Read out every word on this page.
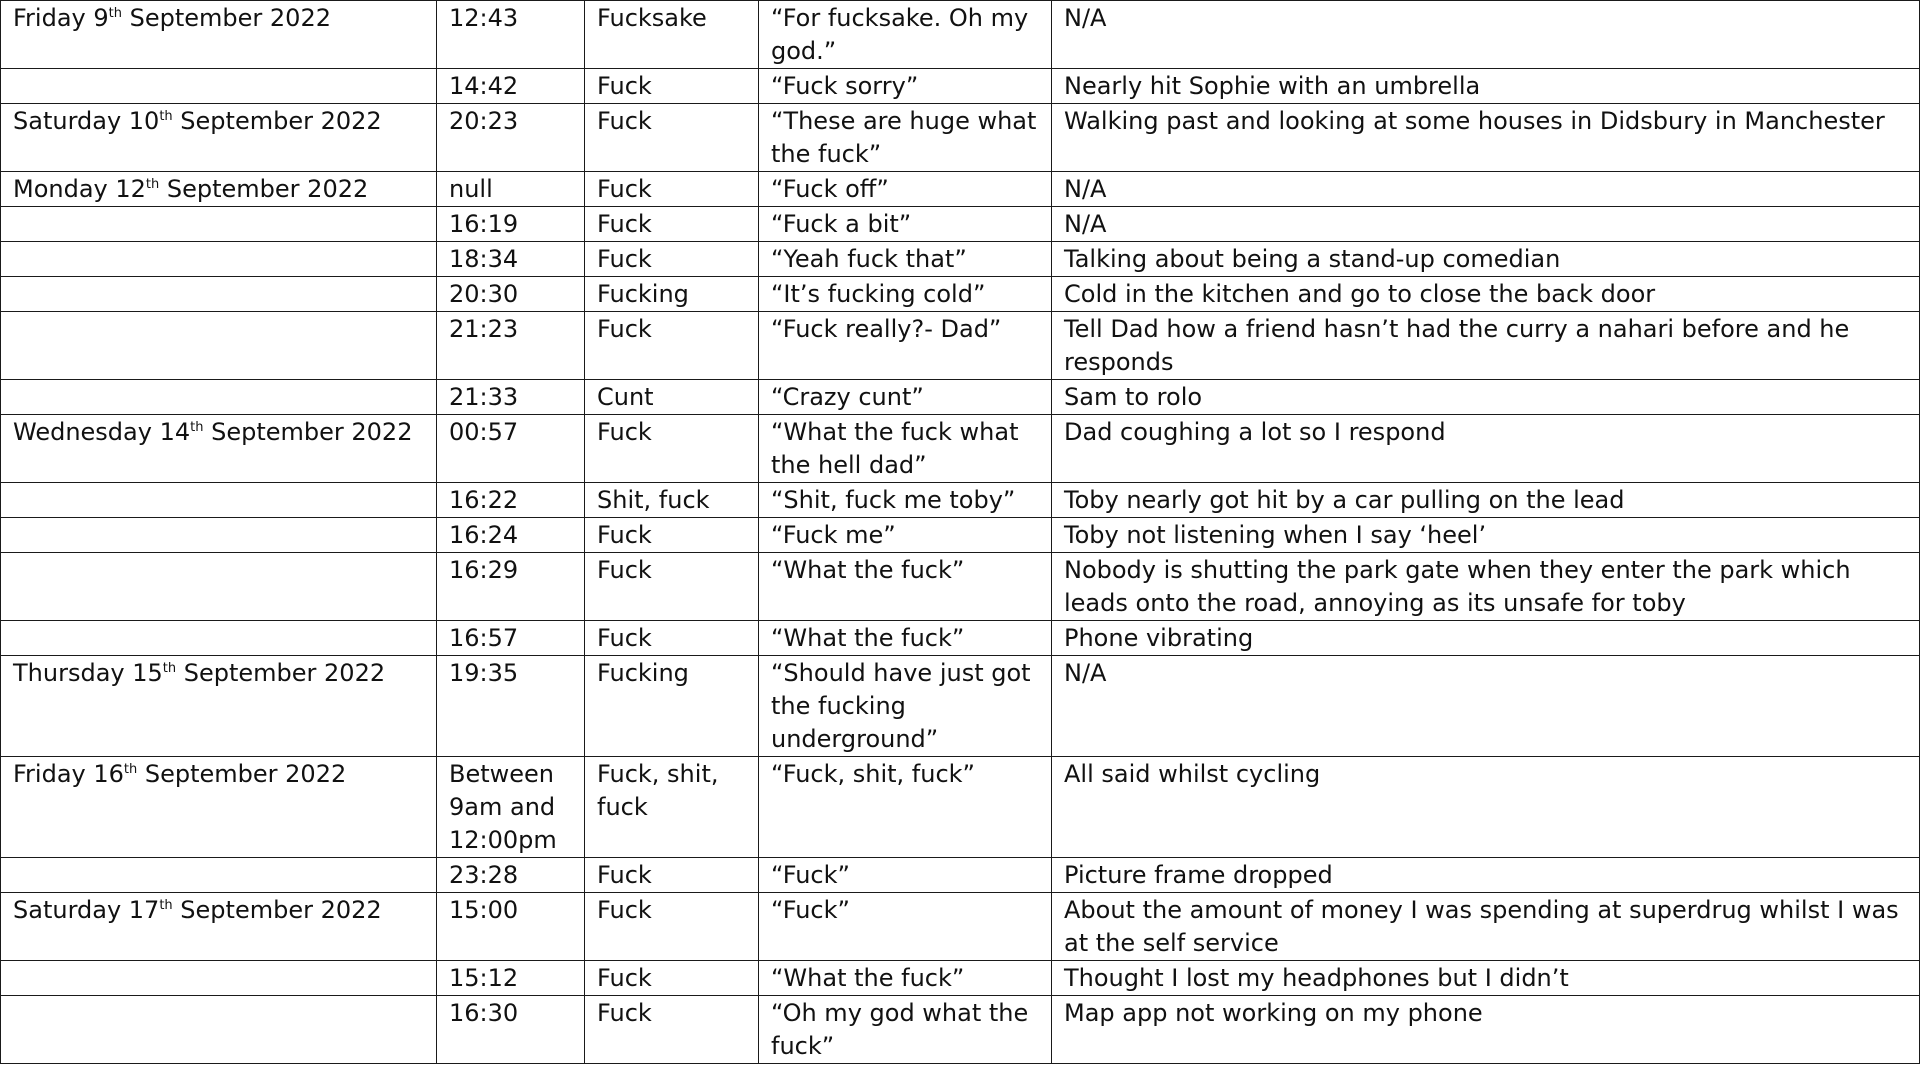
Friday 9th September 2022	12:43	Fucksake	“For fucksake. Oh my god.”	N/A
	14:42	Fuck	“Fuck sorry”	Nearly hit Sophie with an umbrella
Saturday 10th September 2022	20:23	Fuck	“These are huge what the fuck”	Walking past and looking at some houses in Didsbury in Manchester
Monday 12th September 2022	null	Fuck	“Fuck off”	N/A
	16:19	Fuck	“Fuck a bit”	N/A
	18:34	Fuck	“Yeah fuck that”	Talking about being a stand-up comedian
	20:30	Fucking	“It’s fucking cold”	Cold in the kitchen and go to close the back door
	21:23	Fuck	“Fuck really?- Dad”	Tell Dad how a friend hasn’t had the curry a nahari before and he responds
	21:33	Cunt	“Crazy cunt”	Sam to rolo
Wednesday 14th September 2022	00:57	Fuck	“What the fuck what the hell dad”	Dad coughing a lot so I respond
	16:22	Shit, fuck	“Shit, fuck me toby”	Toby nearly got hit by a car pulling on the lead
	16:24	Fuck	“Fuck me”	Toby not listening when I say ‘heel’
	16:29	Fuck	“What the fuck”	Nobody is shutting the park gate when they enter the park which leads onto the road, annoying as its unsafe for toby
	16:57	Fuck	“What the fuck”	Phone vibrating
Thursday 15th September 2022	19:35	Fucking	“Should have just got the fucking underground”	N/A
Friday 16th September 2022	Between 9am and 12:00pm	Fuck, shit, fuck	“Fuck, shit, fuck”	All said whilst cycling
	23:28	Fuck	“Fuck”	Picture frame dropped
Saturday 17th September 2022	15:00	Fuck	“Fuck”	About the amount of money I was spending at superdrug whilst I was at the self service
	15:12	Fuck	“What the fuck”	Thought I lost my headphones but I didn’t
	16:30	Fuck	“Oh my god what the fuck”	Map app not working on my phone
